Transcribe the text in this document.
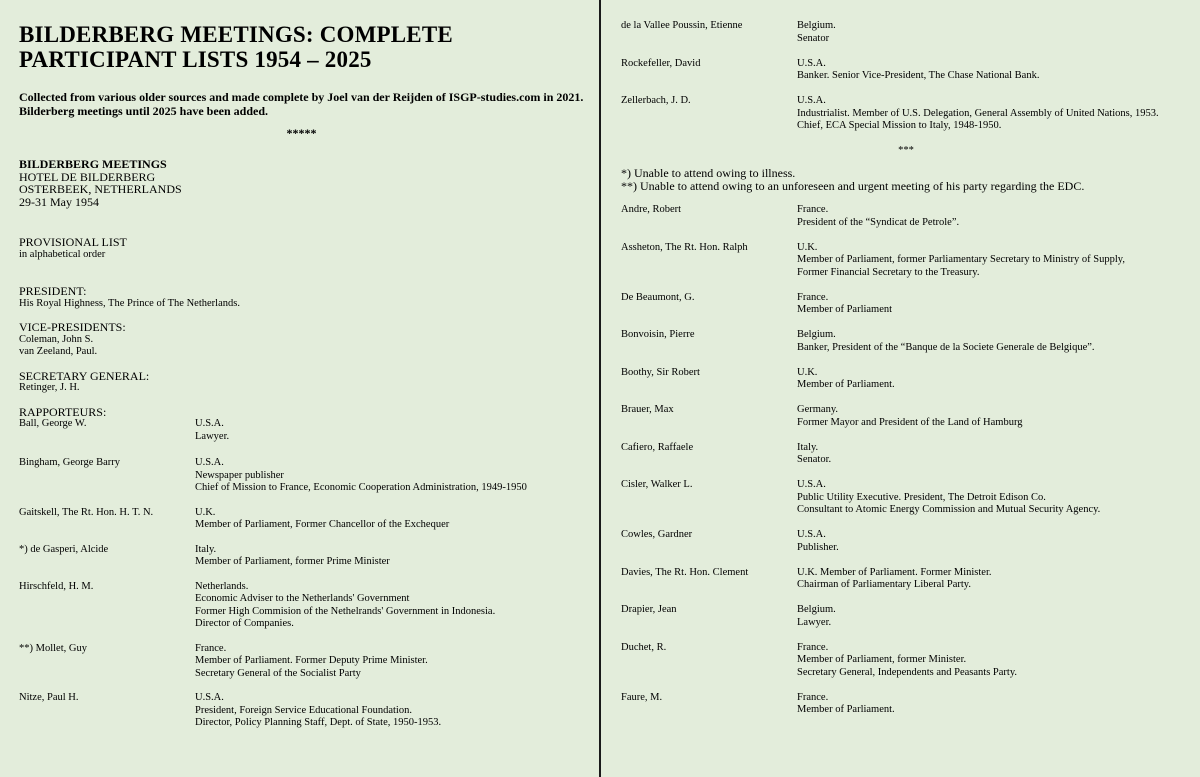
BILDERBERG MEETINGS: COMPLETE
PARTICIPANT LISTS 1954 – 2025
Collected from various older sources and made complete by Joel van der Reijden of ISGP-studies.com in 2021.
Bilderberg meetings until 2025 have been added.
*****
BILDERBERG MEETINGS
HOTEL DE BILDERBERG
OSTERBEEK, NETHERLANDS
29-31 May 1954
PROVISIONAL LIST
in alphabetical order
PRESIDENT:
His Royal Highness, The Prince of The Netherlands.
VICE-PRESIDENTS:
Coleman, John S.
van Zeeland, Paul.
SECRETARY GENERAL:
Retinger, J. H.
RAPPORTEURS:
Ball, George W.	U.S.A.
Lawyer.
Bingham, George Barry	U.S.A.
Newspaper publisher
Chief of Mission to France, Economic Cooperation Administration, 1949-1950
Gaitskell, The Rt. Hon. H. T. N.	U.K.
Member of Parliament, Former Chancellor of the Exchequer
*) de Gasperi, Alcide	Italy.
Member of Parliament, former Prime Minister
Hirschfeld, H. M.	Netherlands.
Economic Adviser to the Netherlands' Government
Former High Commision of the Nethelrands' Government in Indonesia.
Director of Companies.
**) Mollet, Guy	France.
Member of Parliament. Former Deputy Prime Minister.
Secretary General of the Socialist Party
Nitze, Paul H.	U.S.A.
President, Foreign Service Educational Foundation.
Director, Policy Planning Staff, Dept. of State, 1950-1953.
de la Vallee Poussin, Etienne	Belgium.
Senator
Rockefeller, David	U.S.A.
Banker. Senior Vice-President, The Chase National Bank.
Zellerbach, J. D.	U.S.A.
Industrialist. Member of U.S. Delegation, General Assembly of United Nations, 1953.
Chief, ECA Special Mission to Italy, 1948-1950.
***
*) Unable to attend owing to illness.
**) Unable to attend owing to an unforeseen and urgent meeting of his party regarding the EDC.
Andre, Robert	France.
President of the “Syndicat de Petrole”.
Assheton, The Rt. Hon. Ralph	U.K.
Member of Parliament, former Parliamentary Secretary to Ministry of Supply,
Former Financial Secretary to the Treasury.
De Beaumont, G.	France.
Member of Parliament
Bonvoisin, Pierre	Belgium.
Banker, President of the “Banque de la Societe Generale de Belgique”.
Boothy, Sir Robert	U.K.
Member of Parliament.
Brauer, Max	Germany.
Former Mayor and President of the Land of Hamburg
Cafiero, Raffaele	Italy.
Senator.
Cisler, Walker L.	U.S.A.
Public Utility Executive. President, The Detroit Edison Co.
Consultant to Atomic Energy Commission and Mutual Security Agency.
Cowles, Gardner	U.S.A.
Publisher.
Davies, The Rt. Hon. Clement	U.K. Member of Parliament. Former Minister.
Chairman of Parliamentary Liberal Party.
Drapier, Jean	Belgium.
Lawyer.
Duchet, R.	France.
Member of Parliament, former Minister.
Secretary General, Independents and Peasants Party.
Faure, M.	France.
Member of Parliament.
